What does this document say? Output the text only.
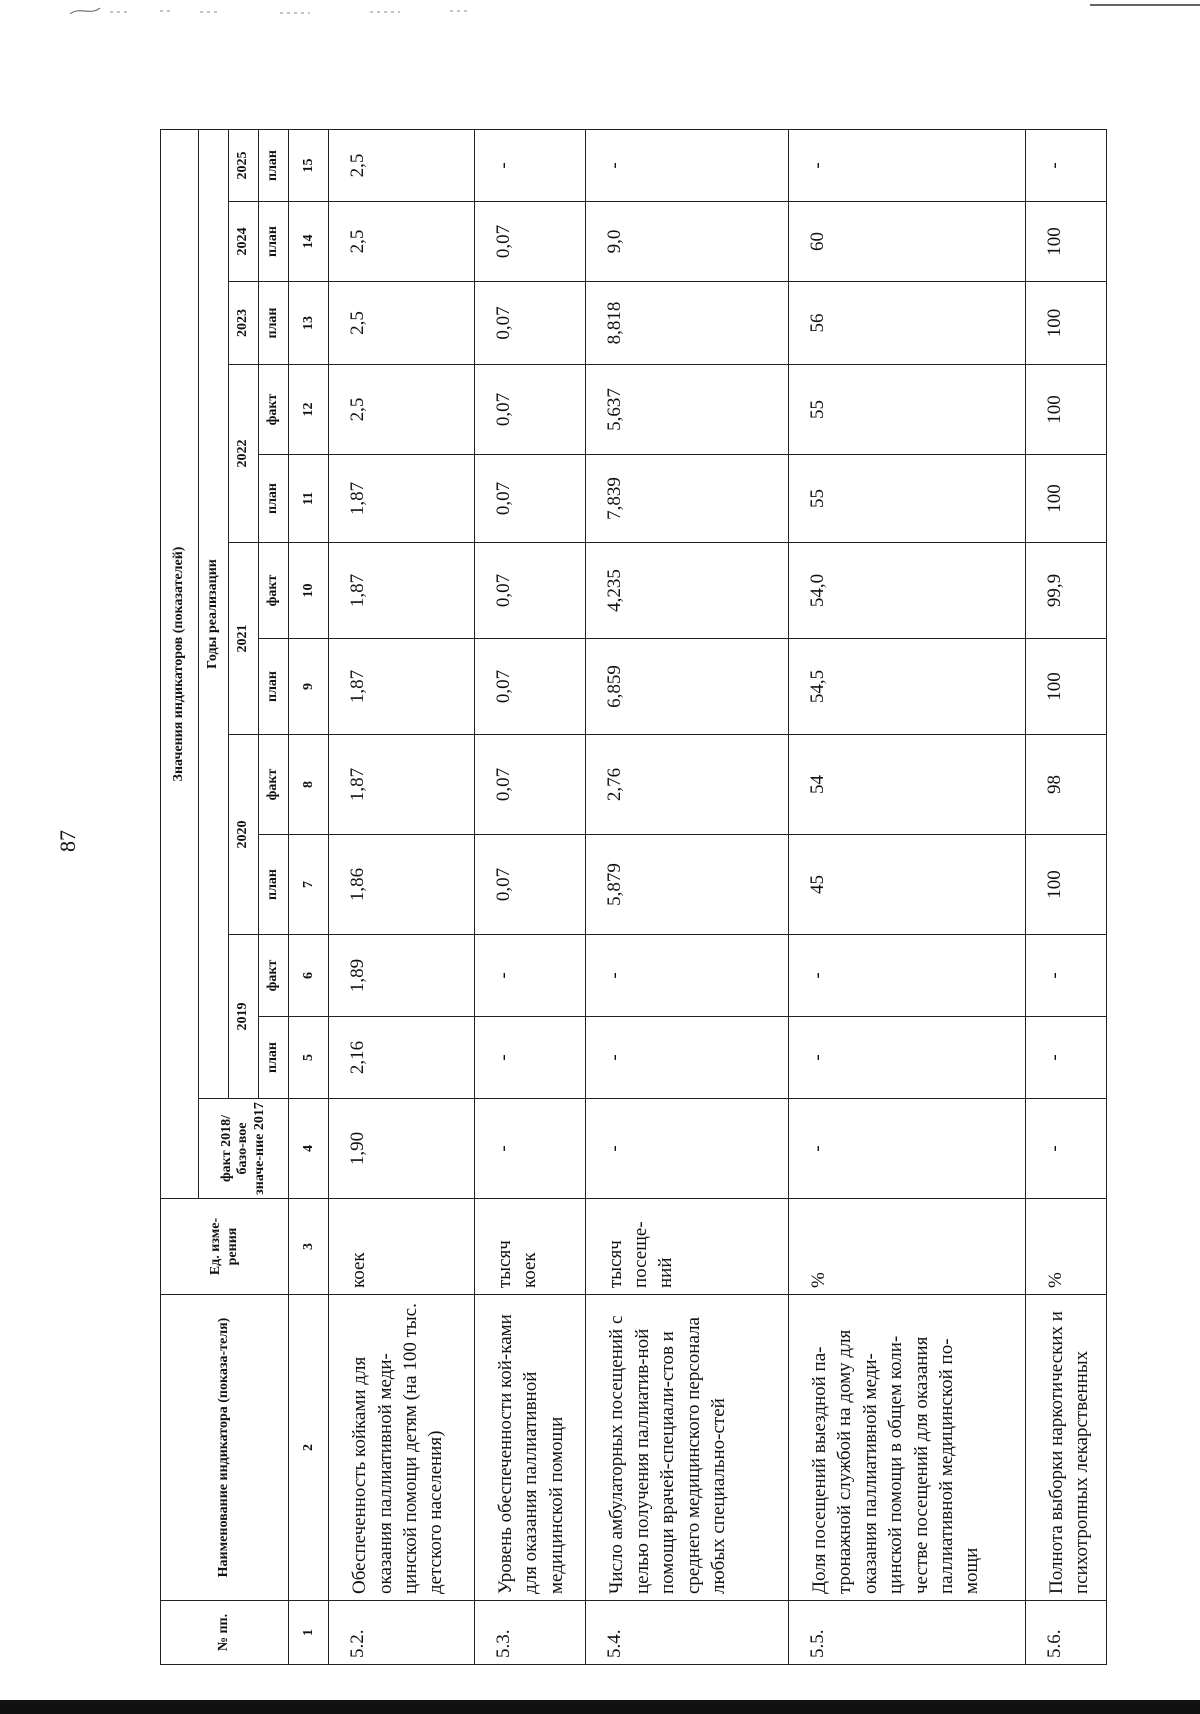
87
№ пп.	Наименование индикатора (показа-теля)	Ед. изме-рения	Значения индикаторов (показателей)											
			факт 2018/базо-вое значе-ние 2017	Годы реализации										
				2019		2020		2021		2022		2023	2024	2025
				план	факт	план	факт	план	факт	план	факт	план	план	план
1	2	3	4	5	6	7	8	9	10	11	12	13	14	15
5.2.	Обеспеченность койками для оказания паллиативной меди-цинской помощи детям (на 100 тыс. детского населения)	коек	1,90	2,16	1,89	1,86	1,87	1,87	1,87	1,87	2,5	2,5	2,5	2,5
5.3.	Уровень обеспеченности кой-ками для оказания паллиативной медицинской помощи	тысяч коек	-	-	-	0,07	0,07	0,07	0,07	0,07	0,07	0,07	0,07	-
5.4.	Число амбулаторных посещений с целью получения паллиатив-ной помощи врачей-специали-стов и среднего медицинского персонала любых специально-стей	тысяч посеще-ний	-	-	-	5,879	2,76	6,859	4,235	7,839	5,637	8,818	9,0	-
5.5.	Доля посещений выездной па-тронажной службой на дому для оказания паллиативной меди-цинской помощи в общем коли-честве посещений для оказания паллиативной медицинской по-мощи	%	-	-	-	45	54	54,5	54,0	55	55	56	60	-
5.6.	Полнота выборки наркотических и психотропных лекарственных	%	-	-	-	100	98	100	99,9	100	100	100	100	-
